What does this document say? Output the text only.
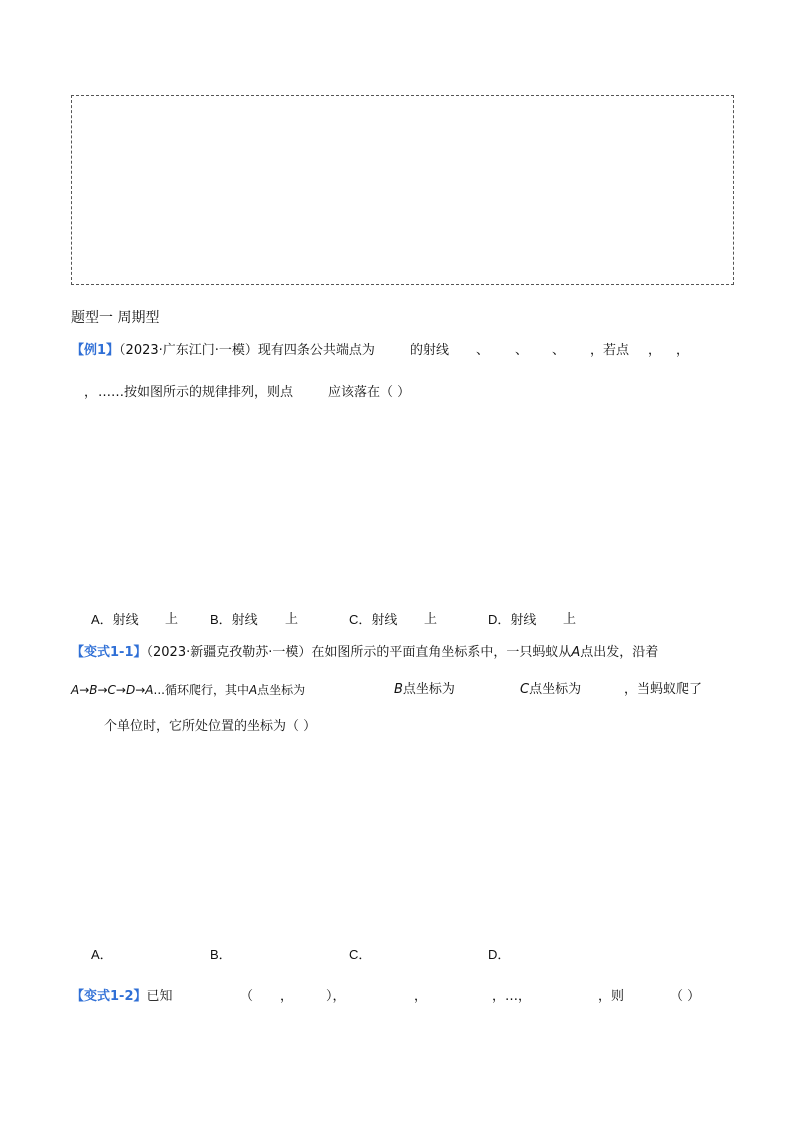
题型一 周期型
【例1】（2023·广东江门·一模）现有四条公共端点为	的射线 、 、 、 ，若点 ， ，
， ……按如图所示的规律排列，则点	应该落在（ ）
A．射线 上 B．射线 上	C．射线 上	D．射线 上
【变式1-1】（2023·新疆克孜勒苏·一模）在如图所示的平面直角坐标系中，一只蚂蚁从A点出发，沿着
A→B→C→D→A...循环爬行，其中A点坐标为	B点坐标为	C点坐标为	，当蚂蚁爬了
个单位时，它所处位置的坐标为（ ）
A．	B．	C．	D．
【变式1-2】已知	（ ，	），	，	，…，	，则	（ ）
